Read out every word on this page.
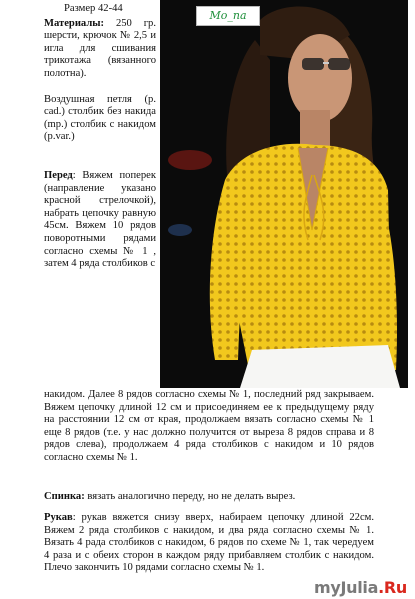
Размер 42-44

Материалы: 250 гр. шерсти, крючок № 2,5 и игла для сшивания трикотажа (вязанного полотна).

Воздушная петля (р. cad.) столбик без накида (mp.) столбик с накидом (р.var.)

Перед: Вяжем поперек (направление указано красной стрелочкой), набрать цепочку равную 45см. Вяжем 10 рядов поворотными рядами согласно схемы № 1 , затем 4 ряда столбиков с

Mo_na

накидом. Далее 8 рядов согласно схемы № 1, последний ряд закрываем. Вяжем цепочку длиной 12 см и присоединяем ее к предыдущему ряду на расстоянии 12 см от края, продолжаем вязать согласно схемы № 1 еще 8 рядов (т.е. у нас должно получится от выреза 8 рядов справа и 8 рядов слева), продолжаем 4 ряда столбиков с накидом и 10 рядов согласно схемы № 1.

Спинка: вязать аналогично переду, но не делать вырез.

Рукав: рукав вяжется снизу вверх, набираем цепочку длиной 22см. Вяжем 2 ряда столбиков с накидом, и два ряда согласно схемы № 1. Вязать 4 рада столбиков с накидом, 6 рядов по схеме № 1, так чередуем 4 раза и с обеих сторон в каждом ряду прибавляем столбик с накидом. Плечо закончить 10 рядами согласно схемы № 1.

myJulia.Ru
